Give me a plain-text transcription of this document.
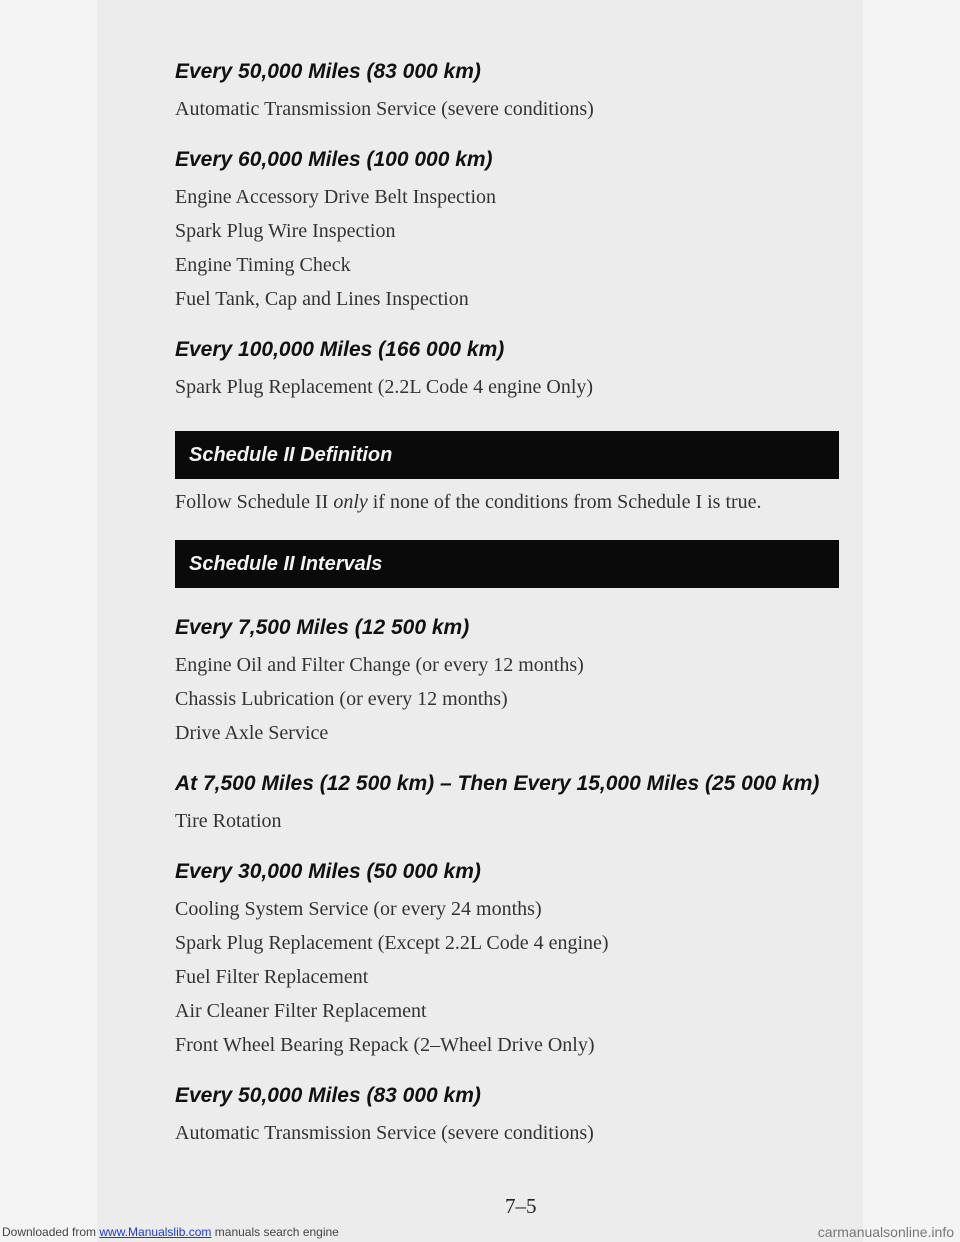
Every 50,000 Miles (83 000 km)

Automatic Transmission Service (severe conditions)

Every 60,000 Miles (100 000 km)

Engine Accessory Drive Belt Inspection

Spark Plug Wire Inspection

Engine Timing Check

Fuel Tank, Cap and Lines Inspection

Every 100,000 Miles (166 000 km)

Spark Plug Replacement (2.2L Code 4 engine Only)

Schedule II Definition

Follow Schedule II only if none of the conditions from Schedule I is true.

Schedule II Intervals

Every 7,500 Miles (12 500 km)

Engine Oil and Filter Change (or every 12 months)

Chassis Lubrication (or every 12 months)

Drive Axle Service

At 7,500 Miles (12 500 km) – Then Every 15,000 Miles (25 000 km)

Tire Rotation

Every 30,000 Miles (50 000 km)

Cooling System Service (or every 24 months)

Spark Plug Replacement (Except 2.2L Code 4 engine)

Fuel Filter Replacement

Air Cleaner Filter Replacement

Front Wheel Bearing Repack (2–Wheel Drive Only)

Every 50,000 Miles (83 000 km)

Automatic Transmission Service (severe conditions)

7–5
Downloaded from www.Manualslib.com manuals search engine	carmanualsonline.info
